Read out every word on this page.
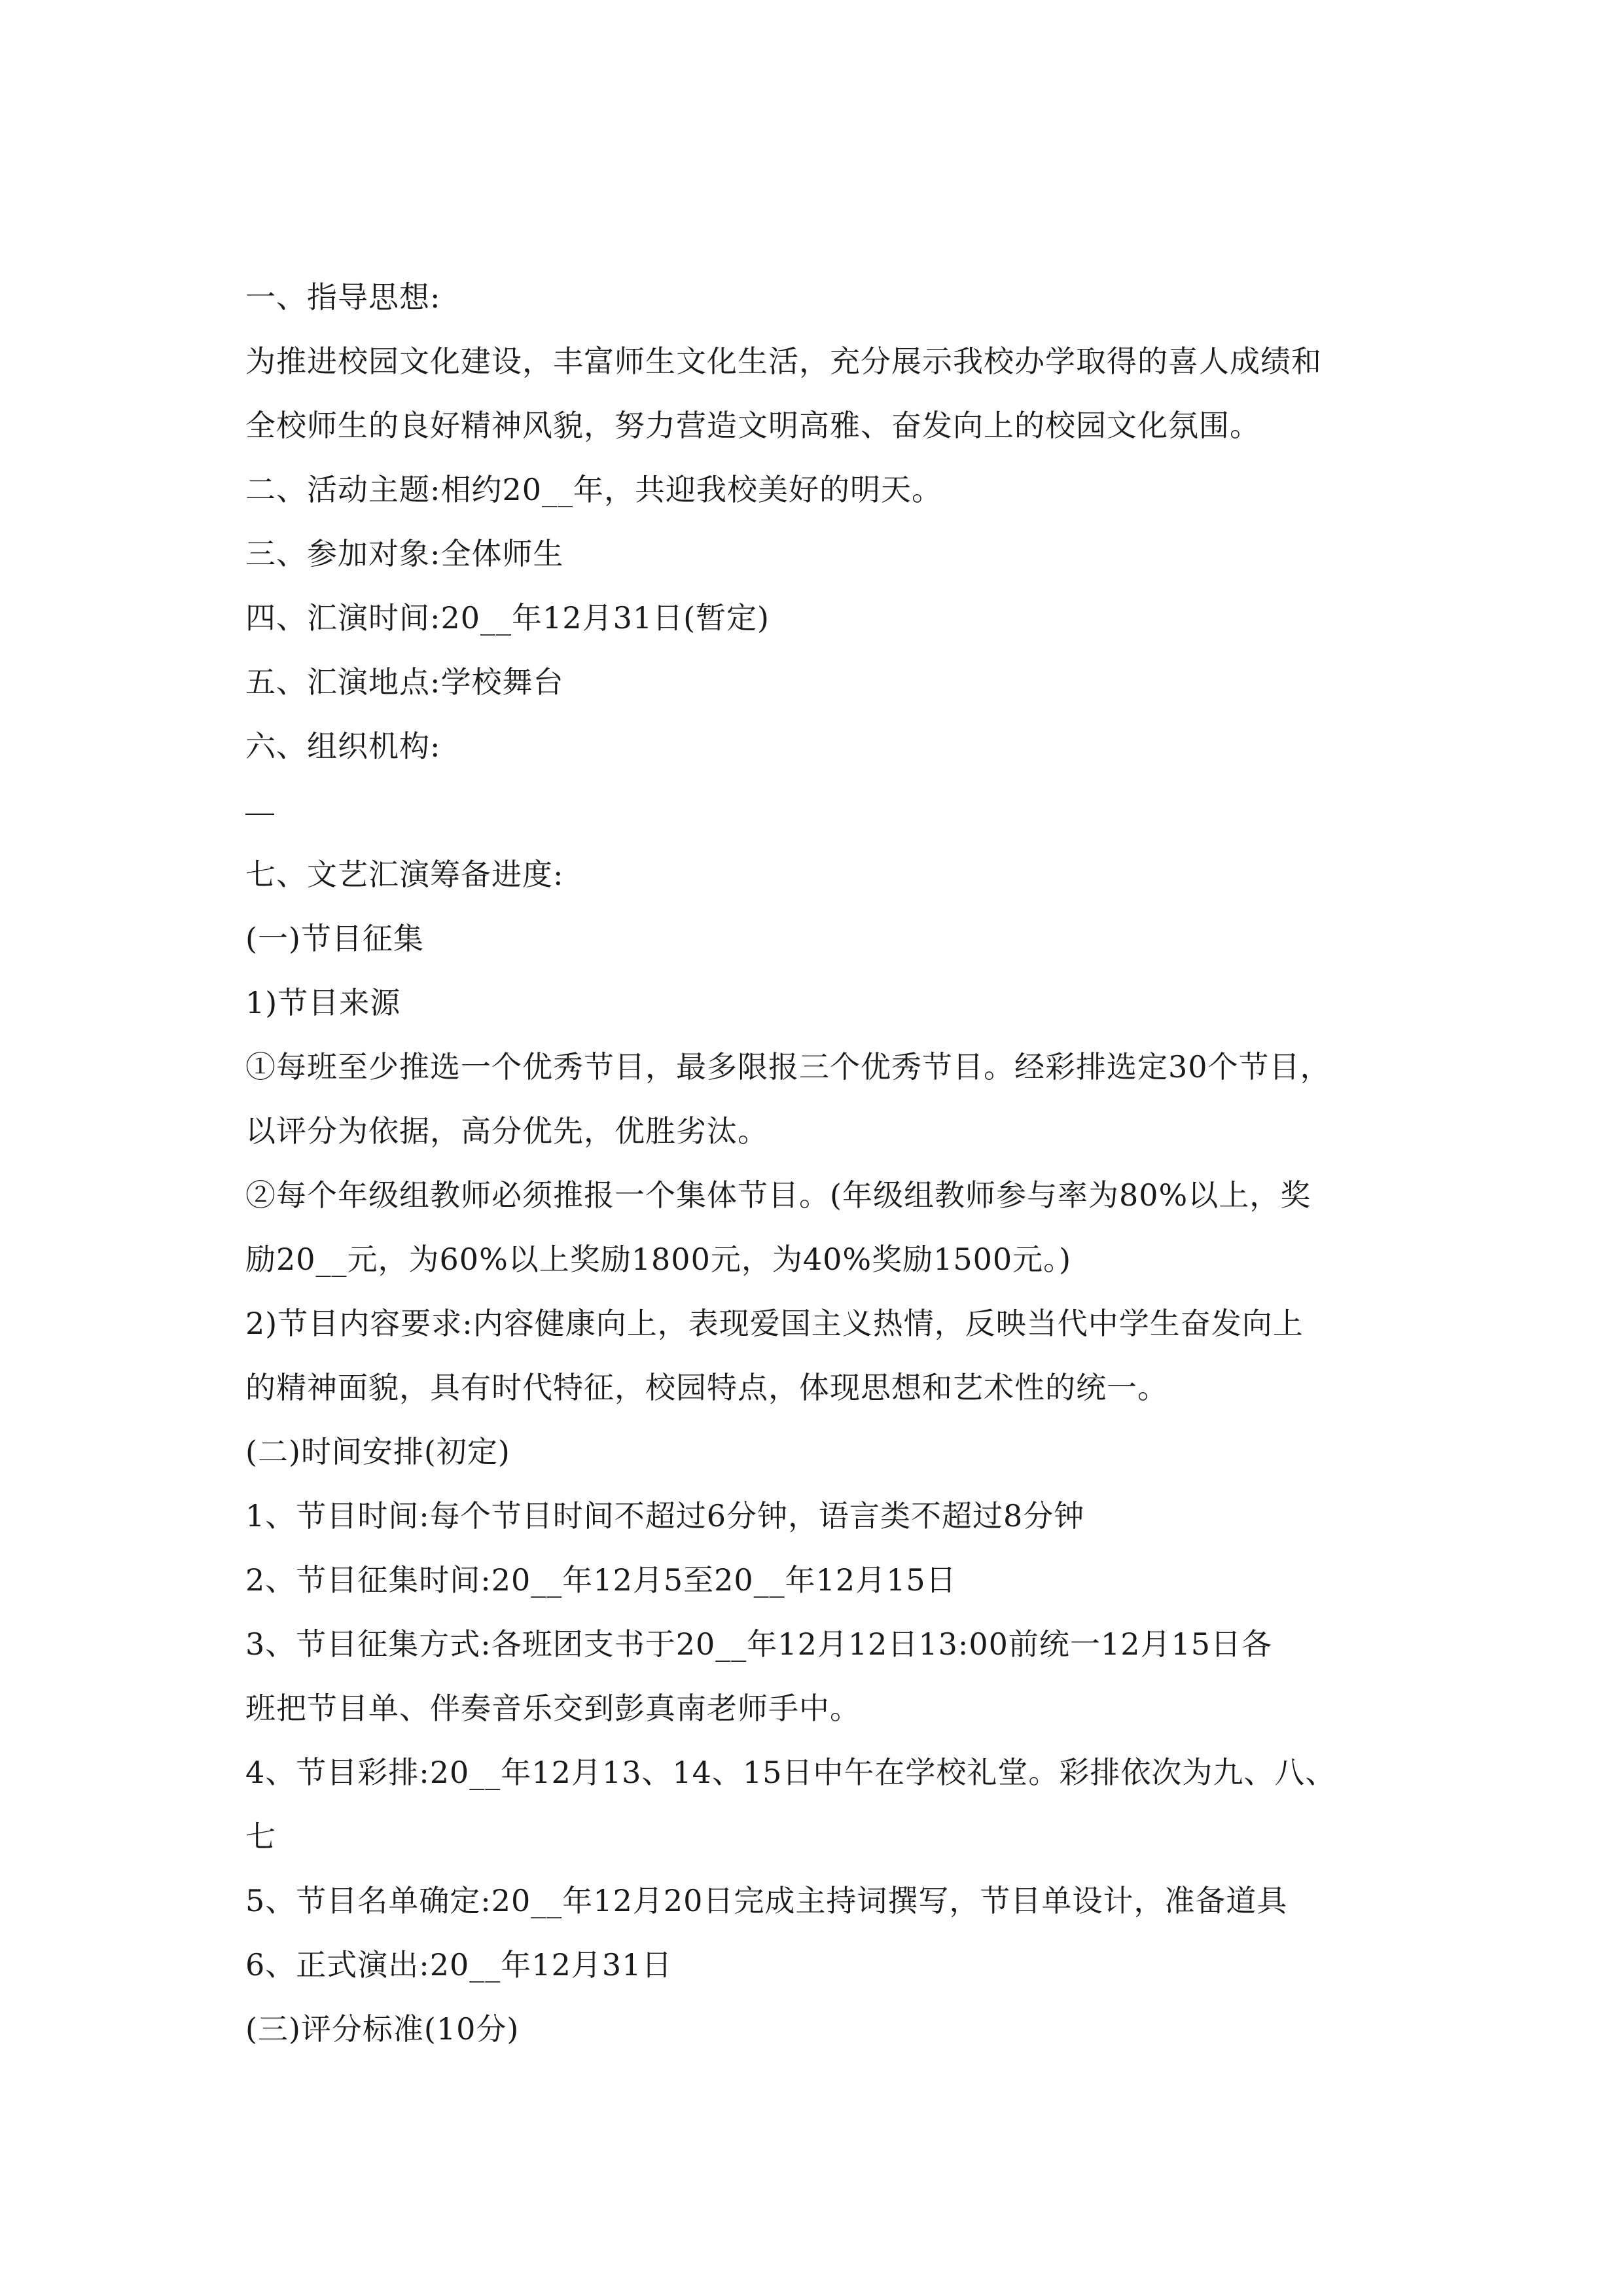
一、指导思想:
为推进校园文化建设，丰富师生文化生活，充分展示我校办学取得的喜人成绩和
全校师生的良好精神风貌，努力营造文明高雅、奋发向上的校园文化氛围。
二、活动主题:相约20__年，共迎我校美好的明天。
三、参加对象:全体师生
四、汇演时间:20__年12月31日(暂定)
五、汇演地点:学校舞台
六、组织机构:
七、文艺汇演筹备进度:
(一)节目征集
1)节目来源
①每班至少推选一个优秀节目，最多限报三个优秀节目。经彩排选定30个节目，
以评分为依据，高分优先，优胜劣汰。
②每个年级组教师必须推报一个集体节目。(年级组教师参与率为80%以上，奖
励20__元，为60%以上奖励1800元，为40%奖励1500元。)
2)节目内容要求:内容健康向上，表现爱国主义热情，反映当代中学生奋发向上
的精神面貌，具有时代特征，校园特点，体现思想和艺术性的统一。
(二)时间安排(初定)
1、节目时间:每个节目时间不超过6分钟，语言类不超过8分钟
2、节目征集时间:20__年12月5至20__年12月15日
3、节目征集方式:各班团支书于20__年12月12日13:00前统一12月15日各
班把节目单、伴奏音乐交到彭真南老师手中。
4、节目彩排:20__年12月13、14、15日中午在学校礼堂。彩排依次为九、八、
七
5、节目名单确定:20__年12月20日完成主持词撰写，节目单设计，准备道具
6、正式演出:20__年12月31日
(三)评分标准(10分)
